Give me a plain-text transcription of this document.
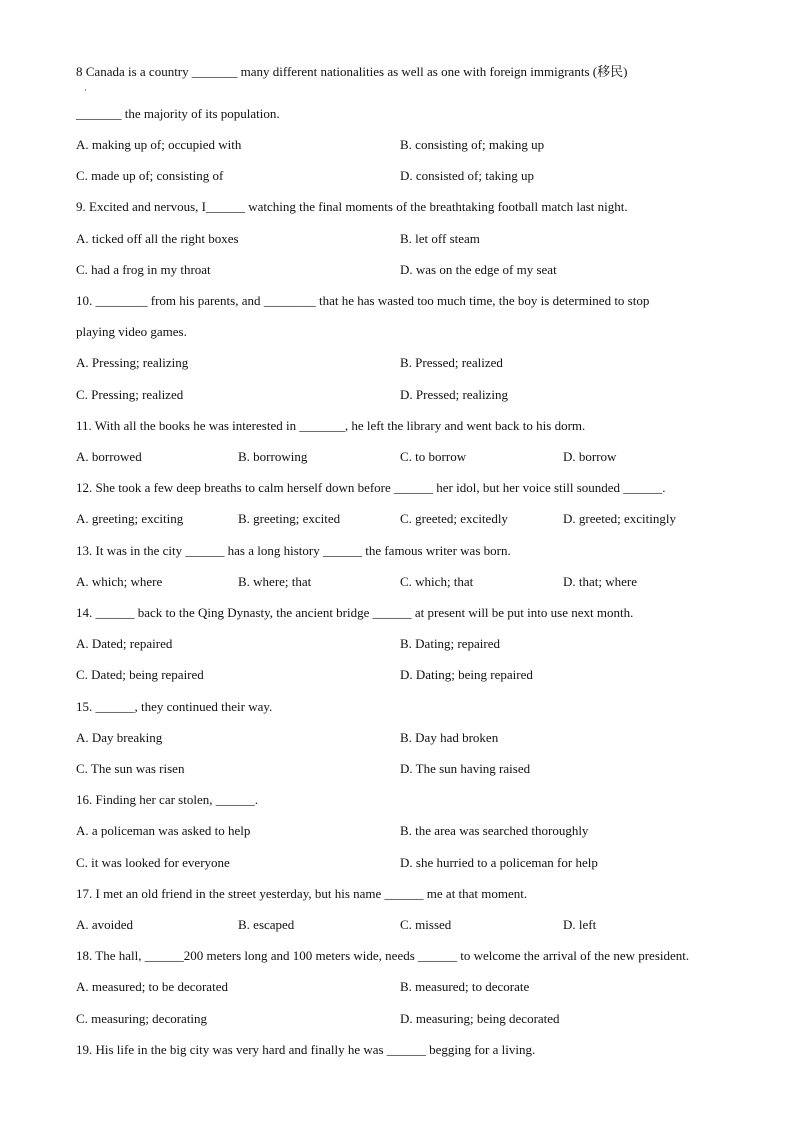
8 Canada is a country _______ many different nationalities as well as one with foreign immigrants (移民)
·
_______ the majority of its population.
A. making up of; occupied with	B. consisting of; making up
C. made up of; consisting of	D. consisted of; taking up
9. Excited and nervous, I______ watching the final moments of the breathtaking football match last night.
A. ticked off all the right boxes	B. let off steam
C. had a frog in my throat	D. was on the edge of my seat
10. ________ from his parents, and ________ that he has wasted too much time, the boy is determined to stop
playing video games.
A. Pressing; realizing	B. Pressed; realized
C. Pressing; realized	D. Pressed; realizing
11. With all the books he was interested in _______, he left the library and went back to his dorm.
A. borrowed	B. borrowing	C. to borrow	D. borrow
12. She took a few deep breaths to calm herself down before ______ her idol, but her voice still sounded ______.
A. greeting; exciting	B. greeting; excited	C. greeted; excitedly	D. greeted; excitingly
13. It was in the city ______ has a long history ______ the famous writer was born.
A. which; where	B. where; that	C. which; that	D. that; where
14. ______ back to the Qing Dynasty, the ancient bridge ______ at present will be put into use next month.
A. Dated; repaired	B. Dating; repaired
C. Dated; being repaired	D. Dating; being repaired
15. ______, they continued their way.
A. Day breaking	B. Day had broken
C. The sun was risen	D. The sun having raised
16. Finding her car stolen, ______.
A. a policeman was asked to help	B. the area was searched thoroughly
C. it was looked for everyone	D. she hurried to a policeman for help
17. I met an old friend in the street yesterday, but his name ______ me at that moment.
A. avoided	B. escaped	C. missed	D. left
18. The hall, ______200 meters long and 100 meters wide, needs ______ to welcome the arrival of the new president.
A. measured; to be decorated	B. measured; to decorate
C. measuring; decorating	D. measuring; being decorated
19. His life in the big city was very hard and finally he was ______ begging for a living.
